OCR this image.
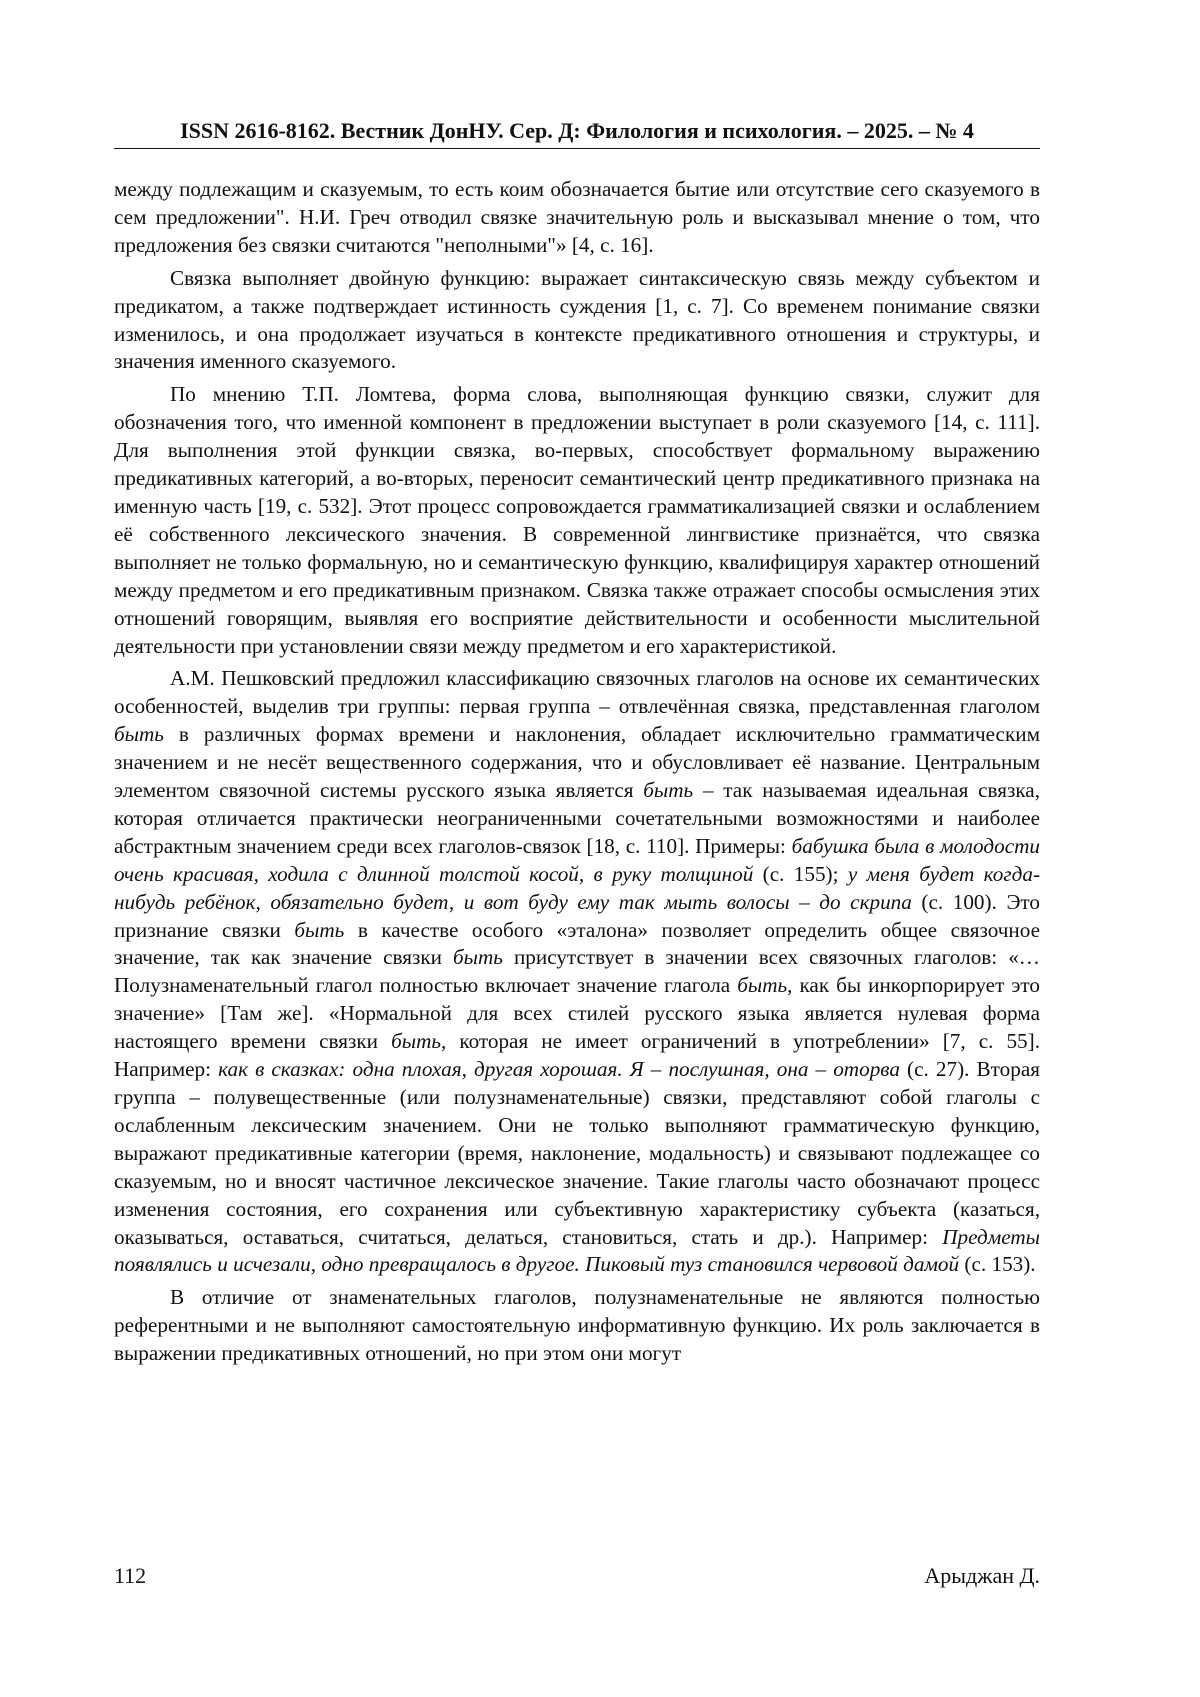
ISSN 2616-8162. Вестник ДонНУ. Сер. Д: Филология и психология. – 2025. – № 4

между подлежащим и сказуемым, то есть коим обозначается бытие или отсутствие сего сказуемого в сем предложении". Н.И. Греч отводил связке значительную роль и высказывал мнение о том, что предложения без связки считаются "неполными"» [4, с. 16].

Связка выполняет двойную функцию: выражает синтаксическую связь между субъектом и предикатом, а также подтверждает истинность суждения [1, с. 7]. Со временем понимание связки изменилось, и она продолжает изучаться в контексте предикативного отношения и структуры, и значения именного сказуемого.

По мнению Т.П. Ломтева, форма слова, выполняющая функцию связки, служит для обозначения того, что именной компонент в предложении выступает в роли сказуемого [14, с. 111]. Для выполнения этой функции связка, во-первых, способствует формальному выражению предикативных категорий, а во-вторых, переносит семантический центр предикативного признака на именную часть [19, с. 532]. Этот процесс сопровождается грамматикализацией связки и ослаблением её собственного лексического значения. В современной лингвистике признаётся, что связка выполняет не только формальную, но и семантическую функцию, квалифицируя характер отношений между предметом и его предикативным признаком. Связка также отражает способы осмысления этих отношений говорящим, выявляя его восприятие действительности и особенности мыслительной деятельности при установлении связи между предметом и его характеристикой.

А.М. Пешковский предложил классификацию связочных глаголов на основе их семантических особенностей, выделив три группы: первая группа – отвлечённая связка, представленная глаголом быть в различных формах времени и наклонения, обладает исключительно грамматическим значением и не несёт вещественного содержания, что и обусловливает её название. Центральным элементом связочной системы русского языка является быть – так называемая идеальная связка, которая отличается практически неограниченными сочетательными возможностями и наиболее абстрактным значением среди всех глаголов-связок [18, с. 110]. Примеры: бабушка была в молодости очень красивая, ходила с длинной толстой косой, в руку толщиной (с. 155); у меня будет когда-нибудь ребёнок, обязательно будет, и вот буду ему так мыть волосы – до скрипа (с. 100). Это признание связки быть в качестве особого «эталона» позволяет определить общее связочное значение, так как значение связки быть присутствует в значении всех связочных глаголов: «…Полузнаменательный глагол полностью включает значение глагола быть, как бы инкорпорирует это значение» [Там же]. «Нормальной для всех стилей русского языка является нулевая форма настоящего времени связки быть, которая не имеет ограничений в употреблении» [7, с. 55]. Например: как в сказках: одна плохая, другая хорошая. Я – послушная, она – оторва (с. 27). Вторая группа – полувещественные (или полузнаменательные) связки, представляют собой глаголы с ослабленным лексическим значением. Они не только выполняют грамматическую функцию, выражают предикативные категории (время, наклонение, модальность) и связывают подлежащее со сказуемым, но и вносят частичное лексическое значение. Такие глаголы часто обозначают процесс изменения состояния, его сохранения или субъективную характеристику субъекта (казаться, оказываться, оставаться, считаться, делаться, становиться, стать и др.). Например: Предметы появлялись и исчезали, одно превращалось в другое. Пиковый туз становился червовой дамой (с. 153).

В отличие от знаменательных глаголов, полузнаменательные не являются полностью референтными и не выполняют самостоятельную информативную функцию. Их роль заключается в выражении предикативных отношений, но при этом они могут

112	Арыджан Д.
